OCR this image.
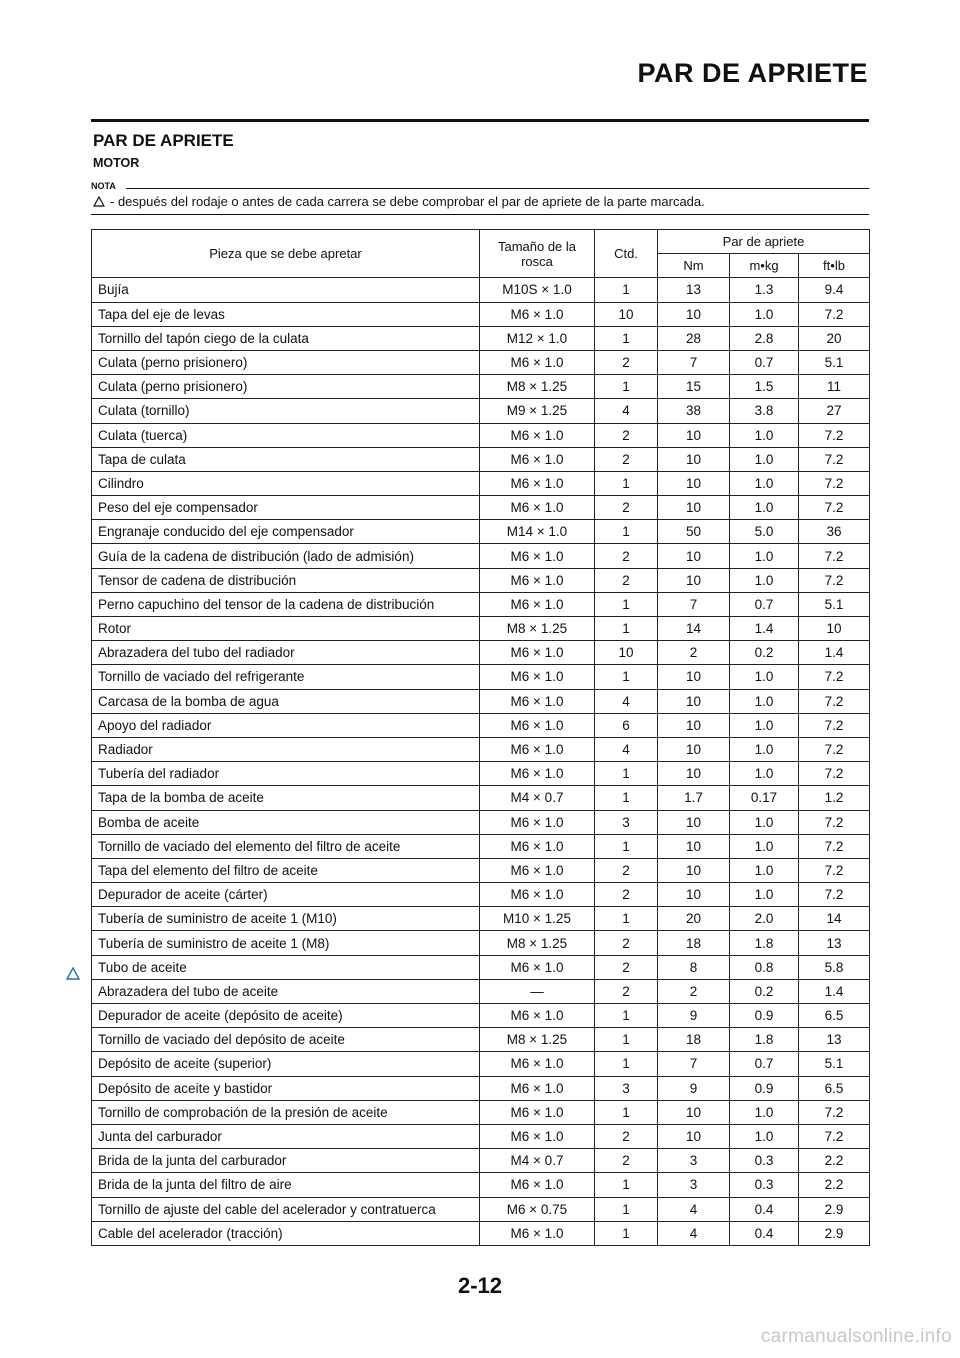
PAR DE APRIETE
PAR DE APRIETE
MOTOR
NOTA
- después del rodaje o antes de cada carrera se debe comprobar el par de apriete de la parte marcada.
Pieza que se debe apretar	Tamaño de la rosca	Ctd.	Par de apriete		
			Nm	m•kg	ft•lb
Bujía	M10S × 1.0	1	13	1.3	9.4
Tapa del eje de levas	M6 × 1.0	10	10	1.0	7.2
Tornillo del tapón ciego de la culata	M12 × 1.0	1	28	2.8	20
Culata (perno prisionero)	M6 × 1.0	2	7	0.7	5.1
Culata (perno prisionero)	M8 × 1.25	1	15	1.5	11
Culata (tornillo)	M9 × 1.25	4	38	3.8	27
Culata (tuerca)	M6 × 1.0	2	10	1.0	7.2
Tapa de culata	M6 × 1.0	2	10	1.0	7.2
Cilindro	M6 × 1.0	1	10	1.0	7.2
Peso del eje compensador	M6 × 1.0	2	10	1.0	7.2
Engranaje conducido del eje compensador	M14 × 1.0	1	50	5.0	36
Guía de la cadena de distribución (lado de admisión)	M6 × 1.0	2	10	1.0	7.2
Tensor de cadena de distribución	M6 × 1.0	2	10	1.0	7.2
Perno capuchino del tensor de la cadena de distribución	M6 × 1.0	1	7	0.7	5.1
Rotor	M8 × 1.25	1	14	1.4	10
Abrazadera del tubo del radiador	M6 × 1.0	10	2	0.2	1.4
Tornillo de vaciado del refrigerante	M6 × 1.0	1	10	1.0	7.2
Carcasa de la bomba de agua	M6 × 1.0	4	10	1.0	7.2
Apoyo del radiador	M6 × 1.0	6	10	1.0	7.2
Radiador	M6 × 1.0	4	10	1.0	7.2
Tubería del radiador	M6 × 1.0	1	10	1.0	7.2
Tapa de la bomba de aceite	M4 × 0.7	1	1.7	0.17	1.2
Bomba de aceite	M6 × 1.0	3	10	1.0	7.2
Tornillo de vaciado del elemento del filtro de aceite	M6 × 1.0	1	10	1.0	7.2
Tapa del elemento del filtro de aceite	M6 × 1.0	2	10	1.0	7.2
Depurador de aceite (cárter)	M6 × 1.0	2	10	1.0	7.2
Tubería de suministro de aceite 1 (M10)	M10 × 1.25	1	20	2.0	14
Tubería de suministro de aceite 1 (M8)	M8 × 1.25	2	18	1.8	13
Tubo de aceite	M6 × 1.0	2	8	0.8	5.8
Abrazadera del tubo de aceite	—	2	2	0.2	1.4
Depurador de aceite (depósito de aceite)	M6 × 1.0	1	9	0.9	6.5
Tornillo de vaciado del depósito de aceite	M8 × 1.25	1	18	1.8	13
Depósito de aceite (superior)	M6 × 1.0	1	7	0.7	5.1
Depósito de aceite y bastidor	M6 × 1.0	3	9	0.9	6.5
Tornillo de comprobación de la presión de aceite	M6 × 1.0	1	10	1.0	7.2
Junta del carburador	M6 × 1.0	2	10	1.0	7.2
Brida de la junta del carburador	M4 × 0.7	2	3	0.3	2.2
Brida de la junta del filtro de aire	M6 × 1.0	1	3	0.3	2.2
Tornillo de ajuste del cable del acelerador y contratuerca	M6 × 0.75	1	4	0.4	2.9
Cable del acelerador (tracción)	M6 × 1.0	1	4	0.4	2.9
2-12
carmanualsonline.info
